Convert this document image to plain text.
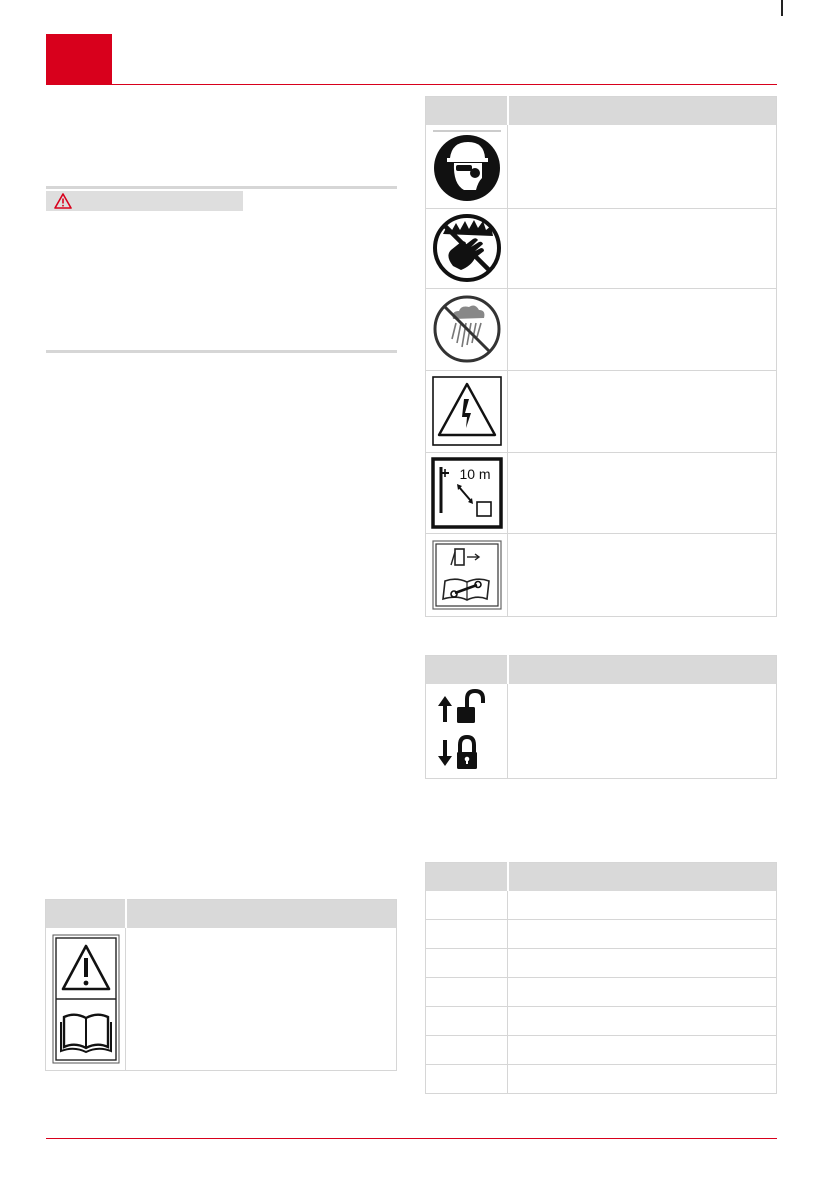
10 m	
